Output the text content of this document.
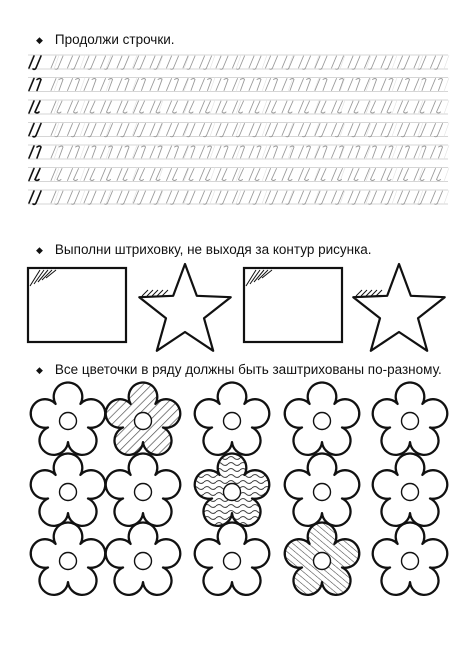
◆ Продолжи строчки.
◆ Выполни штриховку, не выходя за контур рисунка.
◆ Все цветочки в ряду должны быть заштрихованы по-разному.
